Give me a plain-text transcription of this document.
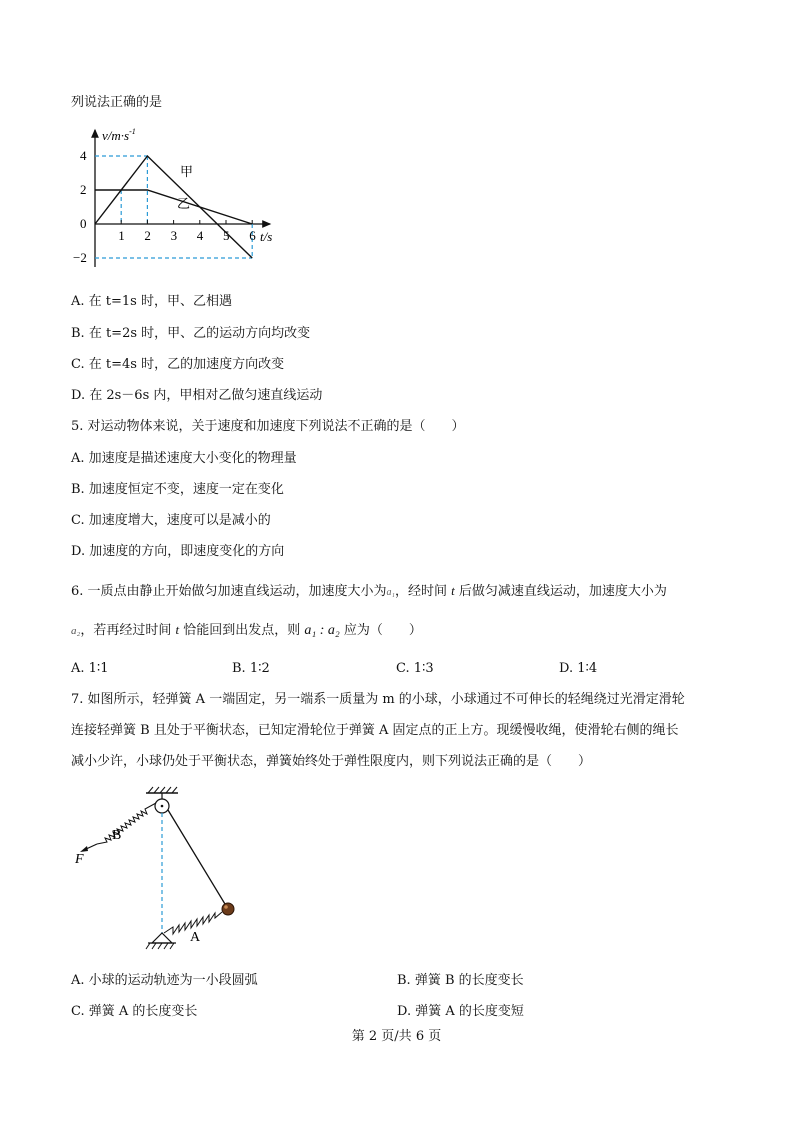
列说法正确的是
1 2 3 4 5 6
$v/m\cdot s^{-1}$
t/s
4
2
0
−2
甲
乙
A. 在 t=1s 时，甲、乙相遇
B. 在 t=2s 时，甲、乙的运动方向均改变
C. 在 t=4s 时，乙的加速度方向改变
D. 在 2s－6s 内，甲相对乙做匀速直线运动
5. 对运动物体来说，关于速度和加速度下列说法不正确的是（　　）
A. 加速度是描述速度大小变化的物理量
B. 加速度恒定不变，速度一定在变化
C. 加速度增大，速度可以是减小的
D. 加速度的方向，即速度变化的方向
6. 一质点由静止开始做匀加速直线运动，加速度大小为a₁，经时间 t 后做匀减速直线运动，加速度大小为
a₂，若再经过时间 t 恰能回到出发点，则 a₁ : a₂ 应为（　　）
A. 1∶1	B. 1∶2	C. 1∶3	D. 1∶4
7. 如图所示，轻弹簧 A 一端固定，另一端系一质量为 m 的小球，小球通过不可伸长的轻绳绕过光滑定滑轮
连接轻弹簧 B 且处于平衡状态，已知定滑轮位于弹簧 A 固定点的正上方。现缓慢收绳，使滑轮右侧的绳长
减小少许，小球仍处于平衡状态，弹簧始终处于弹性限度内，则下列说法正确的是（　　）
B
F
A
A. 小球的运动轨迹为一小段圆弧	B. 弹簧 B 的长度变长
C. 弹簧 A 的长度变长	D. 弹簧 A 的长度变短
第 2 页/共 6 页
